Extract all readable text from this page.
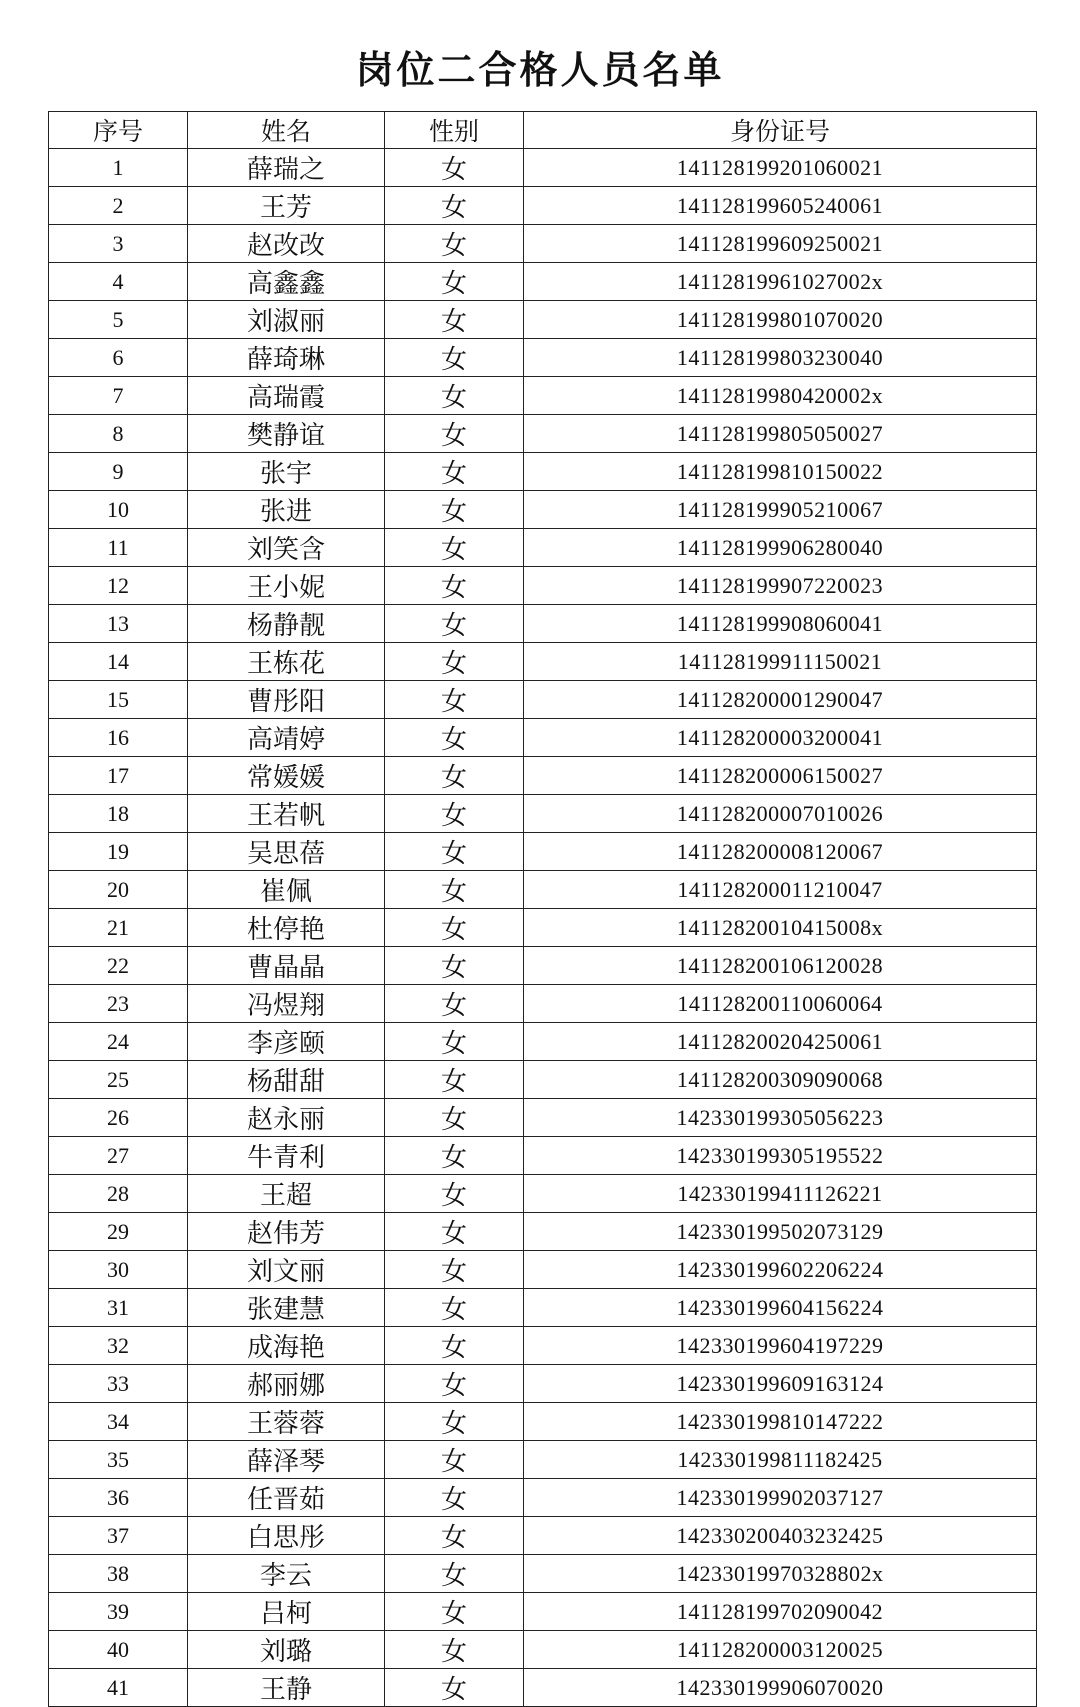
岗位二合格人员名单
序号	姓名	性别	身份证号
1	薛瑞之	女	141128199201060021
2	王芳	女	141128199605240061
3	赵改改	女	141128199609250021
4	高鑫鑫	女	14112819961027002x
5	刘淑丽	女	141128199801070020
6	薛琦琳	女	141128199803230040
7	高瑞霞	女	14112819980420002x
8	樊静谊	女	141128199805050027
9	张宇	女	141128199810150022
10	张进	女	141128199905210067
11	刘笑含	女	141128199906280040
12	王小妮	女	141128199907220023
13	杨静靓	女	141128199908060041
14	王栋花	女	141128199911150021
15	曹彤阳	女	141128200001290047
16	高靖婷	女	141128200003200041
17	常媛媛	女	141128200006150027
18	王若帆	女	141128200007010026
19	吴思蓓	女	141128200008120067
20	崔佩	女	141128200011210047
21	杜停艳	女	14112820010415008x
22	曹晶晶	女	141128200106120028
23	冯煜翔	女	141128200110060064
24	李彦颐	女	141128200204250061
25	杨甜甜	女	141128200309090068
26	赵永丽	女	142330199305056223
27	牛青利	女	142330199305195522
28	王超	女	142330199411126221
29	赵伟芳	女	142330199502073129
30	刘文丽	女	142330199602206224
31	张建慧	女	142330199604156224
32	成海艳	女	142330199604197229
33	郝丽娜	女	142330199609163124
34	王蓉蓉	女	142330199810147222
35	薛泽琴	女	142330199811182425
36	任晋茹	女	142330199902037127
37	白思彤	女	142330200403232425
38	李云	女	14233019970328802x
39	吕柯	女	141128199702090042
40	刘璐	女	141128200003120025
41	王静	女	142330199906070020
